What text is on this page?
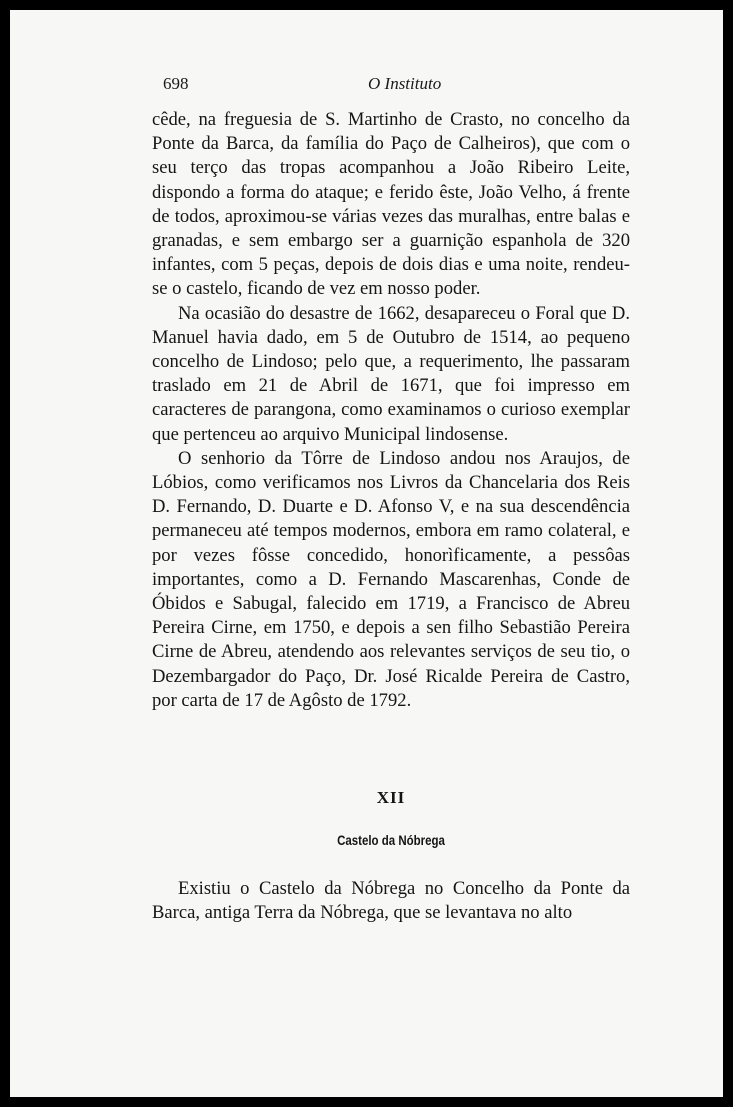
698	O Instituto

cêde, na freguesia de S. Martinho de Crasto, no concelho da Ponte da Barca, da família do Paço de Calheiros), que com o seu terço das tropas acompanhou a João Ribeiro Leite, dispondo a forma do ataque; e ferido êste, João Velho, á frente de todos, aproximou-se várias vezes das muralhas, entre balas e granadas, e sem embargo ser a guarnição espanhola de 320 infantes, com 5 peças, depois de dois dias e uma noite, rendeu-se o castelo, ficando de vez em nosso poder.

Na ocasião do desastre de 1662, desapareceu o Foral que D. Manuel havia dado, em 5 de Outubro de 1514, ao pequeno concelho de Lindoso; pelo que, a requerimento, lhe passaram traslado em 21 de Abril de 1671, que foi impresso em caracteres de parangona, como examinamos o curioso exemplar que pertenceu ao arquivo Municipal lindosense.

O senhorio da Tôrre de Lindoso andou nos Araujos, de Lóbios, como verificamos nos Livros da Chancelaria dos Reis D. Fernando, D. Duarte e D. Afonso V, e na sua descendência permaneceu até tempos modernos, embora em ramo colateral, e por vezes fôsse concedido, honorìficamente, a pessôas importantes, como a D. Fernando Mascarenhas, Conde de Óbidos e Sabugal, falecido em 1719, a Francisco de Abreu Pereira Cirne, em 1750, e depois a sen filho Sebastião Pereira Cirne de Abreu, atendendo aos relevantes serviços de seu tio, o Dezembargador do Paço, Dr. José Ricalde Pereira de Castro, por carta de 17 de Agôsto de 1792.

XII
Castelo da Nóbrega

Existiu o Castelo da Nóbrega no Concelho da Ponte da Barca, antiga Terra da Nóbrega, que se levantava no alto
